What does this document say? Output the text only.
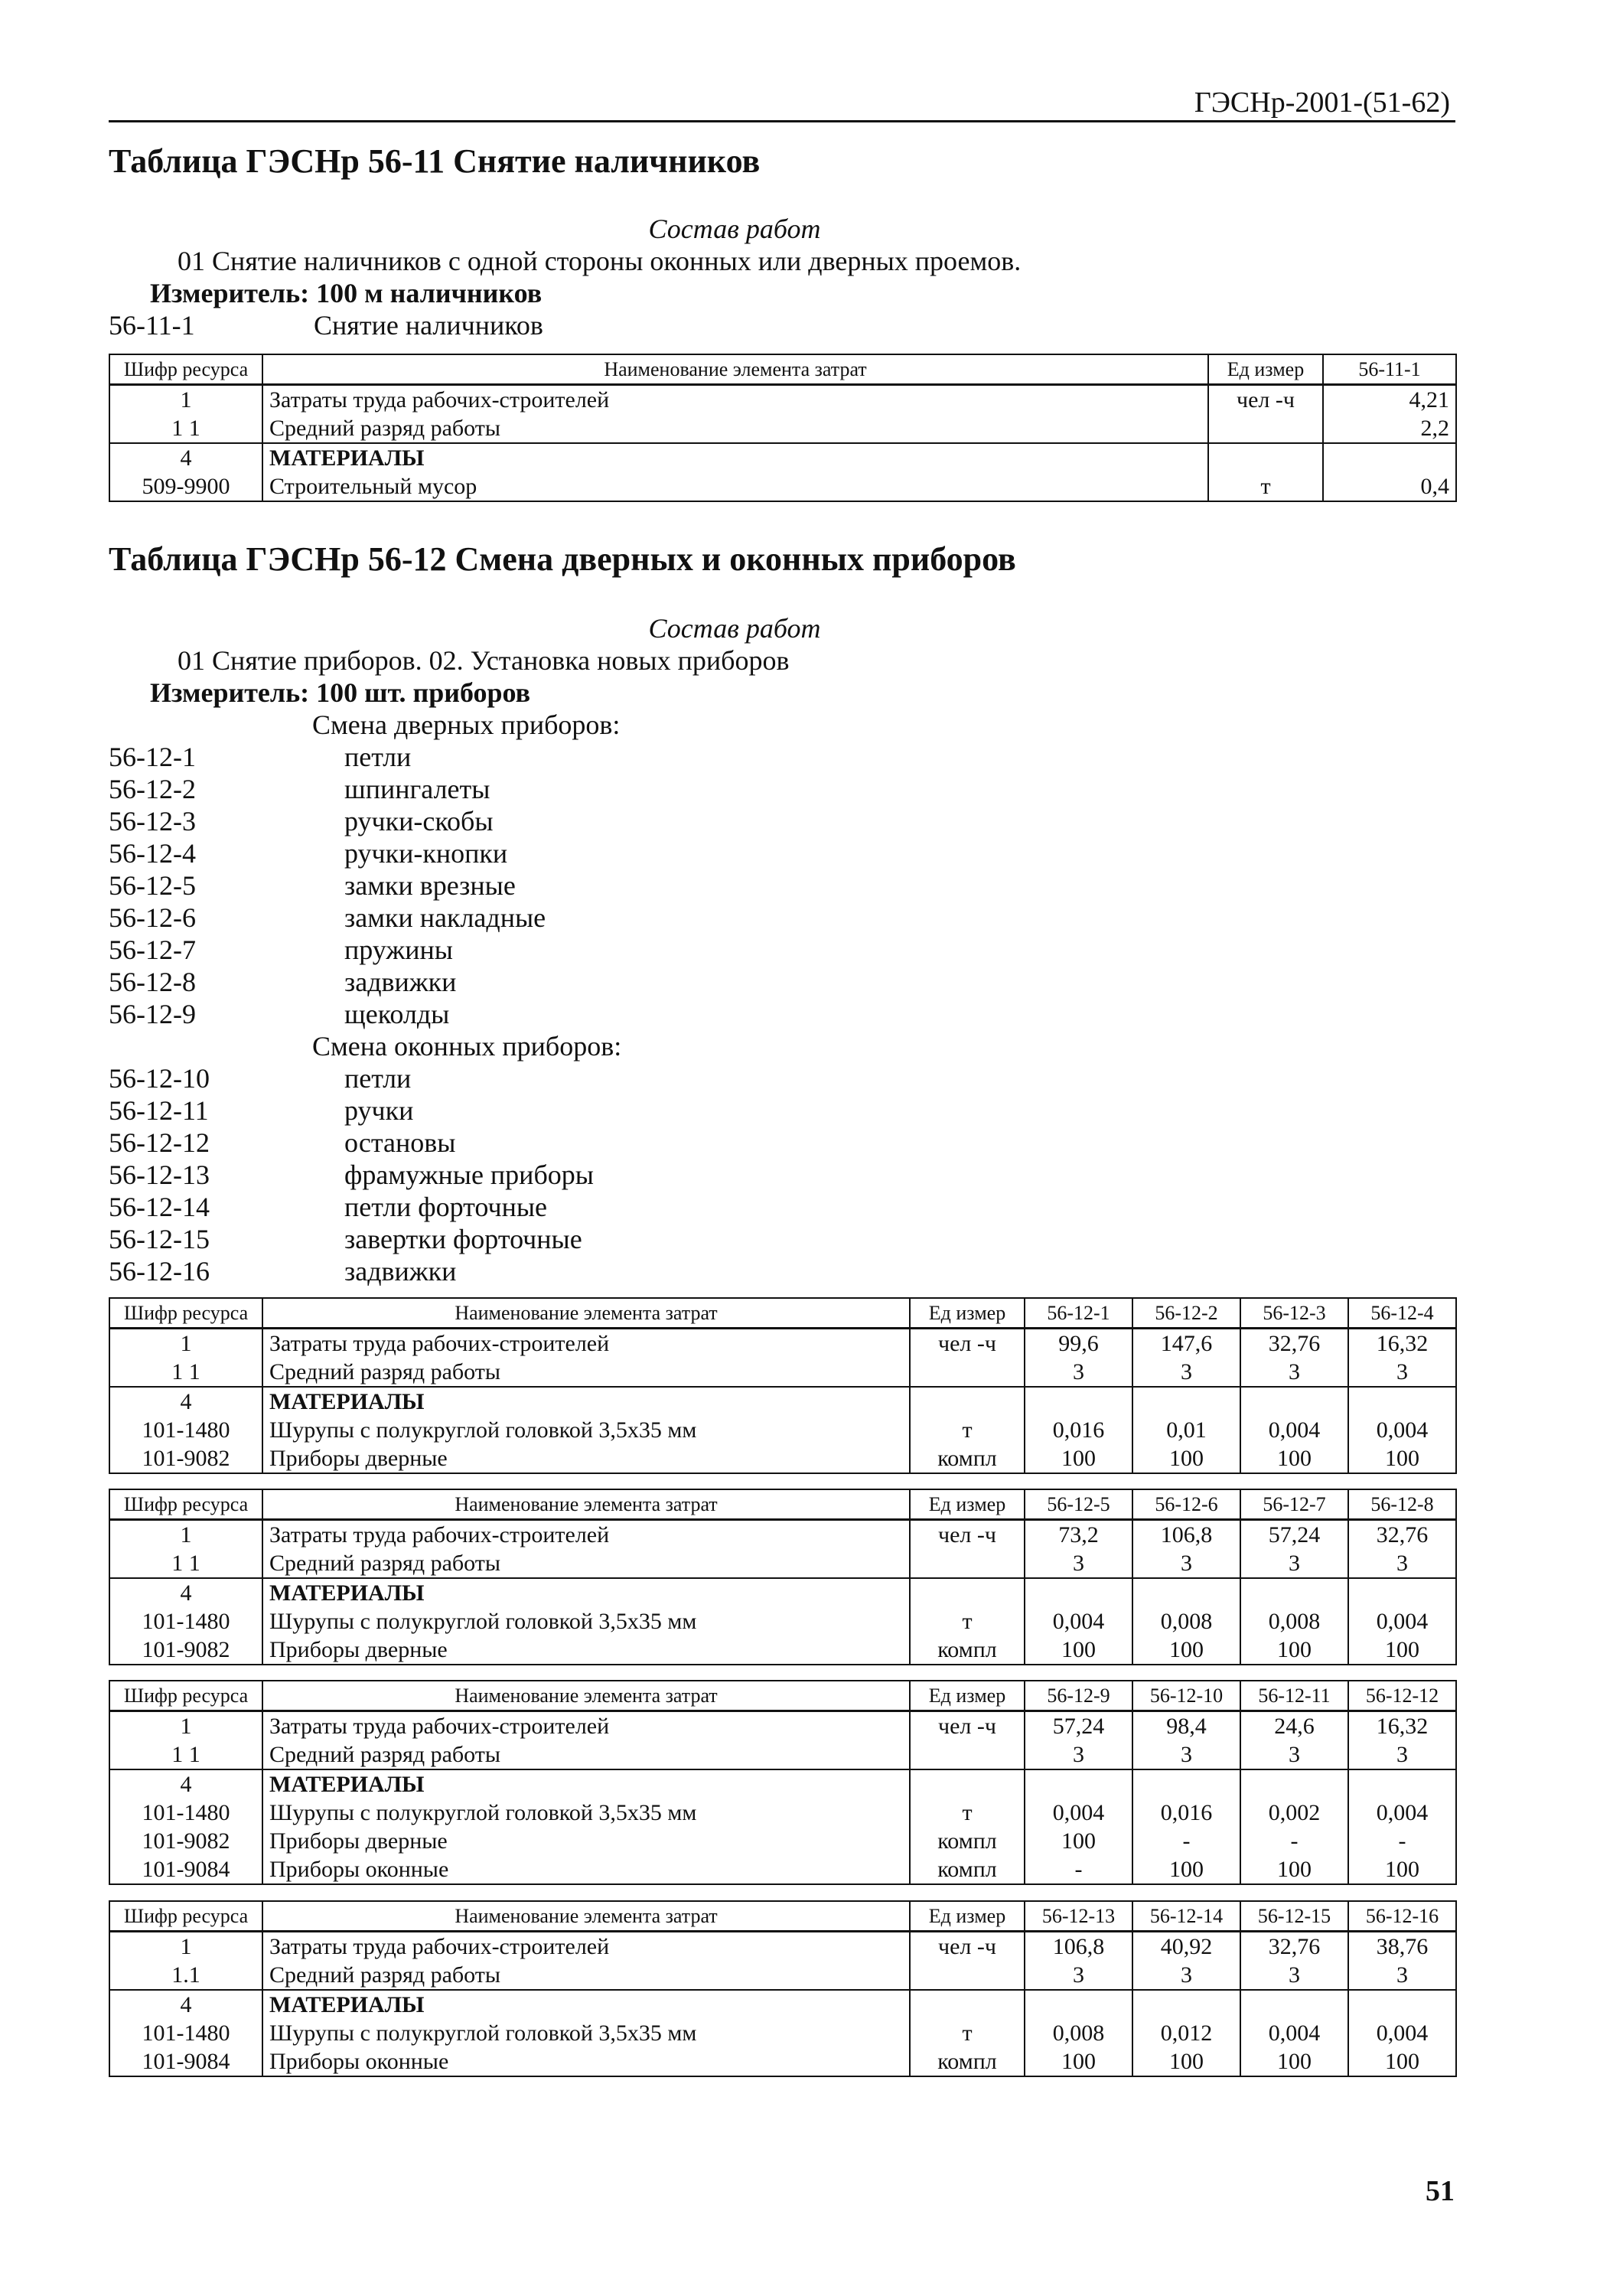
ГЭСНр-2001-(51-62)
Таблица ГЭСНр 56-11 Снятие наличников
Состав работ
01 Снятие наличников с одной стороны оконных или дверных проемов.
Измеритель: 100 м наличников
56-11-1	Снятие наличников
Шифр ресурса	Наименование элемента затрат	Ед измер	56-11-1
1	Затраты труда рабочих-строителей	чел -ч	4,21
1 1	Средний разряд работы		2,2
4	МАТЕРИАЛЫ		
509-9900	Строительный мусор	т	0,4
Таблица ГЭСНр 56-12 Смена дверных и оконных приборов
Состав работ
01 Снятие приборов. 02. Установка новых приборов
Измеритель: 100 шт. приборов
Смена дверных приборов:
56-12-1	петли
56-12-2	шпингалеты
56-12-3	ручки-скобы
56-12-4	ручки-кнопки
56-12-5	замки врезные
56-12-6	замки накладные
56-12-7	пружины
56-12-8	задвижки
56-12-9	щеколды
Смена оконных приборов:
56-12-10	петли
56-12-11	ручки
56-12-12	остановы
56-12-13	фрамужные приборы
56-12-14	петли форточные
56-12-15	завертки форточные
56-12-16	задвижки
Шифр ресурса	Наименование элемента затрат	Ед измер	56-12-1	56-12-2	56-12-3	56-12-4
1	Затраты труда рабочих-строителей	чел -ч	99,6	147,6	32,76	16,32
1 1	Средний разряд работы		3	3	3	3
4	МАТЕРИАЛЫ					
101-1480	Шурупы с полукруглой головкой 3,5x35 мм	т	0,016	0,01	0,004	0,004
101-9082	Приборы дверные	компл	100	100	100	100
Шифр ресурса	Наименование элемента затрат	Ед измер	56-12-5	56-12-6	56-12-7	56-12-8
1	Затраты труда рабочих-строителей	чел -ч	73,2	106,8	57,24	32,76
1 1	Средний разряд работы		3	3	3	3
4	МАТЕРИАЛЫ					
101-1480	Шурупы с полукруглой головкой 3,5x35 мм	т	0,004	0,008	0,008	0,004
101-9082	Приборы дверные	компл	100	100	100	100
Шифр ресурса	Наименование элемента затрат	Ед измер	56-12-9	56-12-10	56-12-11	56-12-12
1	Затраты труда рабочих-строителей	чел -ч	57,24	98,4	24,6	16,32
1 1	Средний разряд работы		3	3	3	3
4	МАТЕРИАЛЫ					
101-1480	Шурупы с полукруглой головкой 3,5x35 мм	т	0,004	0,016	0,002	0,004
101-9082	Приборы дверные	компл	100	-	-	-
101-9084	Приборы оконные	компл	-	100	100	100
Шифр ресурса	Наименование элемента затрат	Ед измер	56-12-13	56-12-14	56-12-15	56-12-16
1	Затраты труда рабочих-строителей	чел -ч	106,8	40,92	32,76	38,76
1.1	Средний разряд работы		3	3	3	3
4	МАТЕРИАЛЫ					
101-1480	Шурупы с полукруглой головкой 3,5x35 мм	т	0,008	0,012	0,004	0,004
101-9084	Приборы оконные	компл	100	100	100	100
51
